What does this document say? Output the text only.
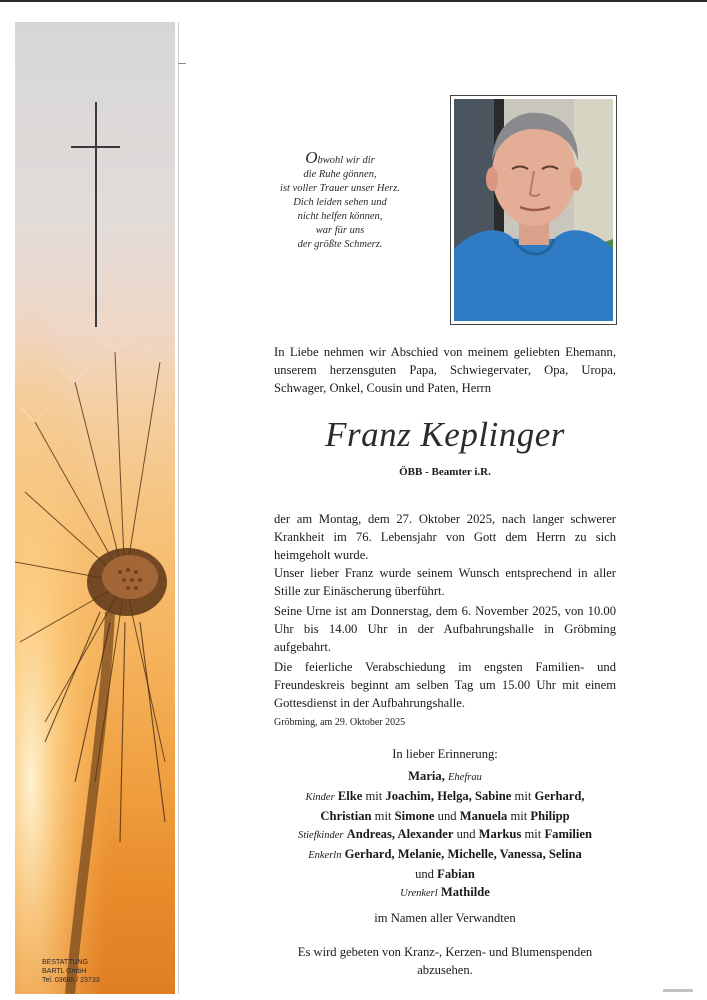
BESTATTUNG
BARTL GmbH
Tel. 03685 / 23733
Obwohl wir dir
die Ruhe gönnen,
ist voller Trauer unser Herz.
Dich leiden sehen und
nicht helfen können,
war für uns
der größte Schmerz.
In Liebe nehmen wir Abschied von meinem geliebten Ehemann, unserem herzensguten Papa, Schwiegervater, Opa, Uropa, Schwager, Onkel, Cousin und Paten, Herrn
Franz Keplinger
ÖBB - Beamter i.R.
der am Montag, dem 27. Oktober 2025, nach langer schwerer Krankheit im 76. Lebensjahr von Gott dem Herrn zu sich heimgeholt wurde.
Unser lieber Franz wurde seinem Wunsch entsprechend in aller Stille zur Einäscherung überführt.
Seine Urne ist am Donnerstag, dem 6. November 2025, von 10.00 Uhr bis 14.00 Uhr in der Aufbahrungshalle in Gröbming aufgebahrt.
Die feierliche Verabschiedung im engsten Familien- und Freundeskreis beginnt am selben Tag um 15.00 Uhr mit einem Gottesdienst in der Aufbahrungshalle.
Gröbming, am 29. Oktober 2025
In lieber Erinnerung:
Maria, Ehefrau
Kinder Elke mit Joachim, Helga, Sabine mit Gerhard,
Christian mit Simone und Manuela mit Philipp
Stiefkinder Andreas, Alexander und Markus mit Familien
Enkerln Gerhard, Melanie, Michelle, Vanessa, Selina
und Fabian
Urenkerl Mathilde
im Namen aller Verwandten
Es wird gebeten von Kranz-, Kerzen- und Blumenspenden
abzusehen.
